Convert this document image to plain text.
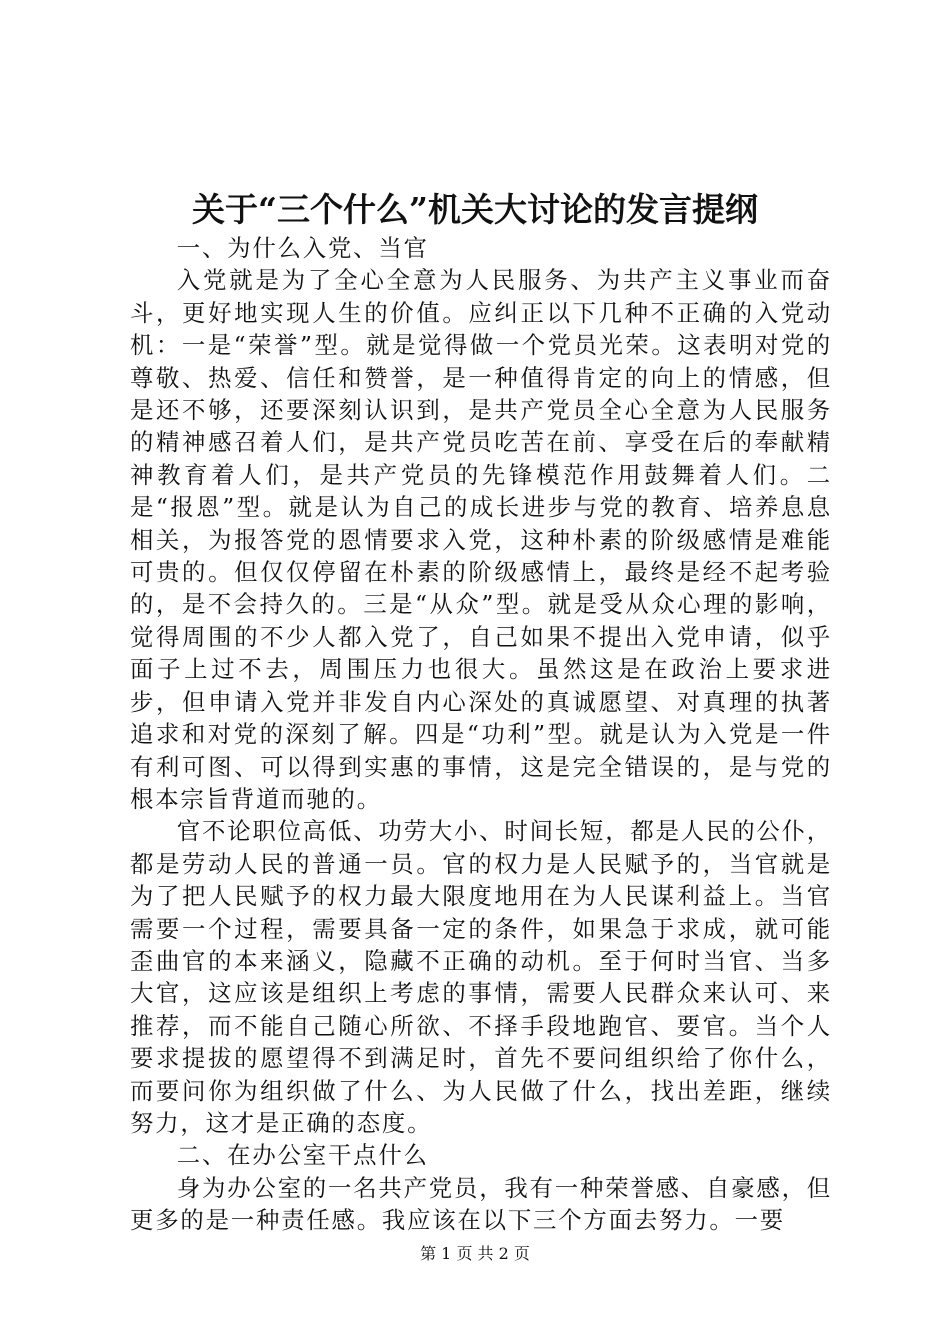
关于“三个什么”机关大讨论的发言提纲

一、为什么入党、当官

入党就是为了全心全意为人民服务、为共产主义事业而奋斗，更好地实现人生的价值。应纠正以下几种不正确的入党动机：一是“荣誉”型。就是觉得做一个党员光荣。这表明对党的尊敬、热爱、信任和赞誉，是一种值得肯定的向上的情感，但是还不够，还要深刻认识到，是共产党员全心全意为人民服务的精神感召着人们，是共产党员吃苦在前、享受在后的奉献精神教育着人们，是共产党员的先锋模范作用鼓舞着人们。二是“报恩”型。就是认为自己的成长进步与党的教育、培养息息相关，为报答党的恩情要求入党，这种朴素的阶级感情是难能可贵的。但仅仅停留在朴素的阶级感情上，最终是经不起考验的，是不会持久的。三是“从众”型。就是受从众心理的影响，觉得周围的不少人都入党了，自己如果不提出入党申请，似乎面子上过不去，周围压力也很大。虽然这是在政治上要求进步，但申请入党并非发自内心深处的真诚愿望、对真理的执著追求和对党的深刻了解。四是“功利”型。就是认为入党是一件有利可图、可以得到实惠的事情，这是完全错误的，是与党的根本宗旨背道而驰的。

官不论职位高低、功劳大小、时间长短，都是人民的公仆，都是劳动人民的普通一员。官的权力是人民赋予的，当官就是为了把人民赋予的权力最大限度地用在为人民谋利益上。当官需要一个过程，需要具备一定的条件，如果急于求成，就可能歪曲官的本来涵义，隐藏不正确的动机。至于何时当官、当多大官，这应该是组织上考虑的事情，需要人民群众来认可、来推荐，而不能自己随心所欲、不择手段地跑官、要官。当个人要求提拔的愿望得不到满足时，首先不要问组织给了你什么，而要问你为组织做了什么、为人民做了什么，找出差距，继续努力，这才是正确的态度。

二、在办公室干点什么

身为办公室的一名共产党员，我有一种荣誉感、自豪感，但更多的是一种责任感。我应该在以下三个方面去努力。一要

第 1 页 共 2 页
